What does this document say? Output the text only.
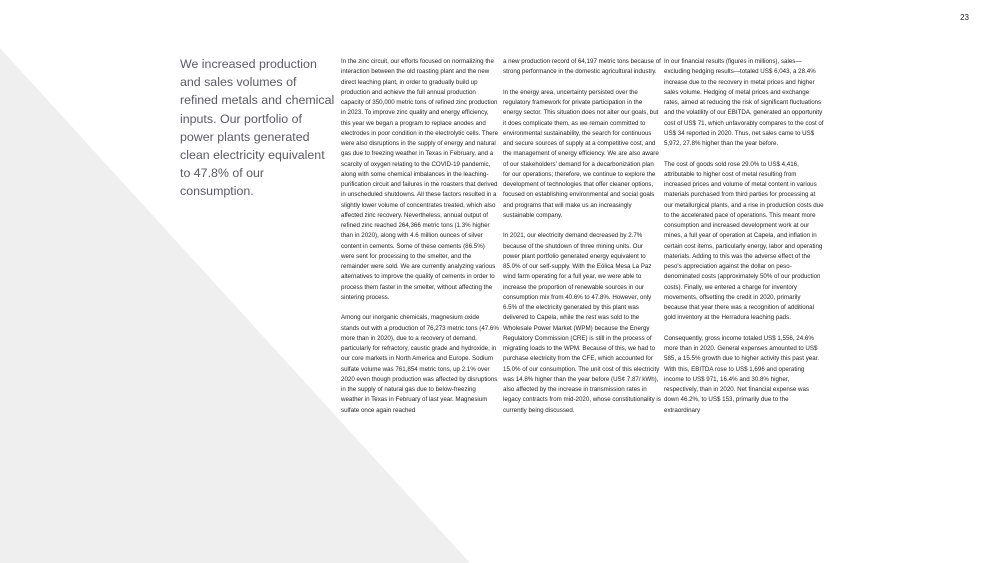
23

We increased production and sales volumes of refined metals and chemical inputs. Our portfolio of power plants generated clean electricity equivalent to 47.8% of our consumption.

In the zinc circuit, our efforts focused on normalizing the interaction between the old roasting plant and the new direct leaching plant, in order to gradually build up production and achieve the full annual production capacity of 350,000 metric tons of refined zinc production in 2023. To improve zinc quality and energy efficiency, this year we began a program to replace anodes and electrodes in poor condition in the electrolytic cells. There were also disruptions in the supply of energy and natural gas due to freezing weather in Texas in February, and a scarcity of oxygen relating to the COVID-19 pandemic, along with some chemical imbalances in the leaching-purification circuit and failures in the roasters that derived in unscheduled shutdowns. All these factors resulted in a slightly lower volume of concentrates treated, which also affected zinc recovery. Nevertheless, annual output of refined zinc reached 264,366 metric tons (1.3% higher than in 2020), along with 4.6 million ounces of silver content in cements. Some of these cements (86.5%) were sent for processing to the smelter, and the remainder were sold. We are currently analyzing various alternatives to improve the quality of cements in order to process them faster in the smelter, without affecting the sintering process.

Among our inorganic chemicals, magnesium oxide stands out with a production of 76,273 metric tons (47.6% more than in 2020), due to a recovery of demand, particularly for refractory, caustic grade and hydroxide, in our core markets in North America and Europe. Sodium sulfate volume was 761,854 metric tons, up 2.1% over 2020 even though production was affected by disruptions in the supply of natural gas due to below-freezing weather in Texas in February of last year. Magnesium sulfate once again reached

a new production record of 64,197 metric tons because of strong performance in the domestic agricultural industry.

In the energy area, uncertainty persisted over the regulatory framework for private participation in the energy sector. This situation does not alter our goals, but it does complicate them, as we remain committed to environmental sustainability, the search for continuous and secure sources of supply at a competitive cost, and the management of energy efficiency. We are also aware of our stakeholders' demand for a decarbonization plan for our operations; therefore, we continue to explore the development of technologies that offer cleaner options, focused on establishing environmental and social goals and programs that will make us an increasingly sustainable company.

In 2021, our electricity demand decreased by 2.7% because of the shutdown of three mining units. Our power plant portfolio generated energy equivalent to 85.0% of our self-supply. With the Eólica Mesa La Paz wind farm operating for a full year, we were able to increase the proportion of renewable sources in our consumption mix from 40.6% to 47.8%. However, only 6.5% of the electricity generated by this plant was delivered to Capela, while the rest was sold to the Wholesale Power Market (WPM) because the Energy Regulatory Commission (CRE) is still in the process of migrating loads to the WPM. Because of this, we had to purchase electricity from the CFE, which accounted for 15.0% of our consumption. The unit cost of this electricity was 14.8% higher than the year before (US¢ 7.87/ kWh), also affected by the increase in transmission rates in legacy contracts from mid-2020, whose constitutionality is currently being discussed.

In our financial results (figures in millions), sales—excluding hedging results—totaled US$ 6,043, a 28.4% increase due to the recovery in metal prices and higher sales volume. Hedging of metal prices and exchange rates, aimed at reducing the risk of significant fluctuations and the volatility of our EBITDA, generated an opportunity cost of US$ 71, which unfavorably compares to the cost of US$ 34 reported in 2020. Thus, net sales came to US$ 5,972, 27.8% higher than the year before.

The cost of goods sold rose 29.0% to US$ 4,416, attributable to higher cost of metal resulting from increased prices and volume of metal content in various materials purchased from third parties for processing at our metallurgical plants, and a rise in production costs due to the accelerated pace of operations. This meant more consumption and increased development work at our mines, a full year of operation at Capela, and inflation in certain cost items, particularly energy, labor and operating materials. Adding to this was the adverse effect of the peso's appreciation against the dollar on peso-denominated costs (approximately 50% of our production costs). Finally, we entered a charge for inventory movements, offsetting the credit in 2020, primarily because that year there was a recognition of additional gold inventory at the Herradura leaching pads.

Consequently, gross income totaled US$ 1,556, 24.6% more than in 2020. General expenses amounted to US$ 585, a 15.5% growth due to higher activity this past year. With this, EBITDA rose to US$ 1,696 and operating income to US$ 971, 16.4% and 30.8% higher, respectively, than in 2020. Net financial expense was down 46.2%, to US$ 153, primarily due to the extraordinary
